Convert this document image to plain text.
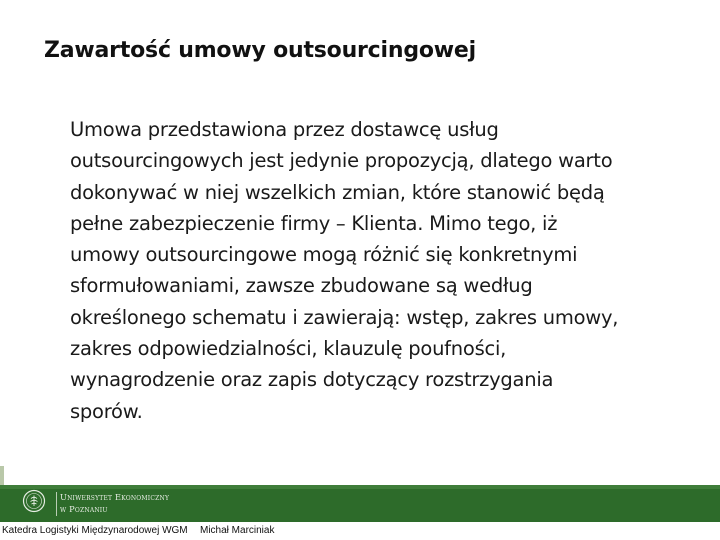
Zawartość umowy outsourcingowej
Umowa przedstawiona przez dostawcę usług
outsourcingowych jest jedynie propozycją, dlatego warto
dokonywać w niej wszelkich zmian, które stanowić będą
pełne zabezpieczenie firmy – Klienta. Mimo tego, iż
umowy outsourcingowe mogą różnić się konkretnymi
sformułowaniami, zawsze zbudowane są według
określonego schematu i zawierają: wstęp, zakres umowy,
zakres odpowiedzialności, klauzulę poufności,
wynagrodzenie oraz zapis dotyczący rozstrzygania
sporów.
Uniwersytet Ekonomiczny
w Poznaniu
Katedra Logistyki Międzynarodowej WGM Michał Marciniak
